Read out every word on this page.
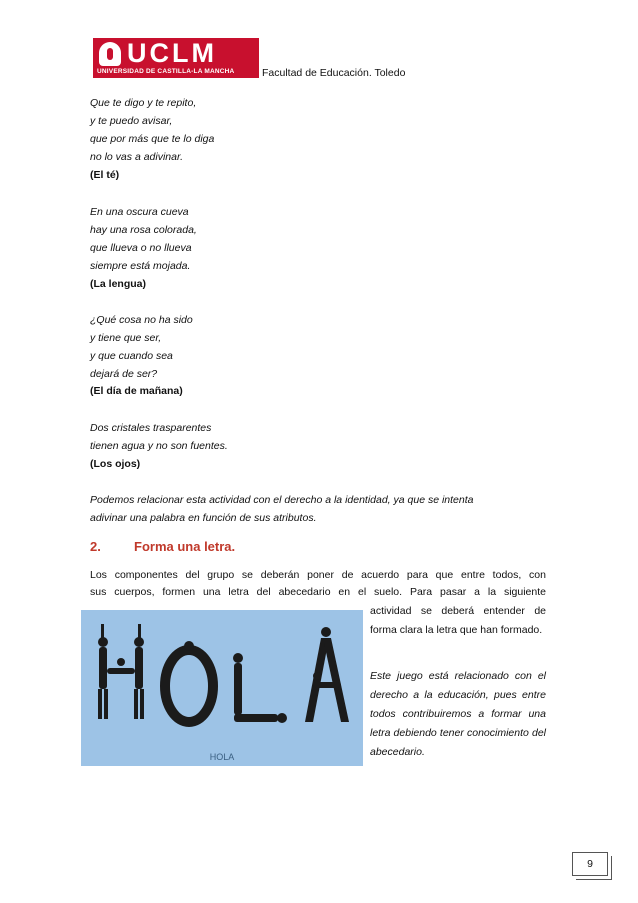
UCLM
UNIVERSIDAD DE CASTILLA-LA MANCHA	Facultad de Educación. Toledo
Que te digo y te repito,
y te puedo avisar,
que por más que te lo diga
no lo vas a adivinar.
(El té)
En una oscura cueva
hay una rosa colorada,
que llueva o no llueva
siempre está mojada.
(La lengua)
¿Qué cosa no ha sido
y tiene que ser,
y que cuando sea
dejará de ser?
(El día de mañana)
Dos cristales trasparentes
tienen agua y no son fuentes.
(Los ojos)
Podemos relacionar esta actividad con el derecho a la identidad, ya que se intenta
adivinar una palabra en función de sus atributos.
2.	Forma una letra.
Los componentes del grupo se deberán poner de acuerdo para que entre todos, con
sus cuerpos, formen una letra del abecedario en el suelo. Para pasar a la siguiente
actividad se deberá entender de forma clara la letra que han formado.
Este juego está relacionado con el derecho a la educación, pues entre todos contribuiremos a formar una letra debiendo tener conocimiento del abecedario.
HOLA
9
